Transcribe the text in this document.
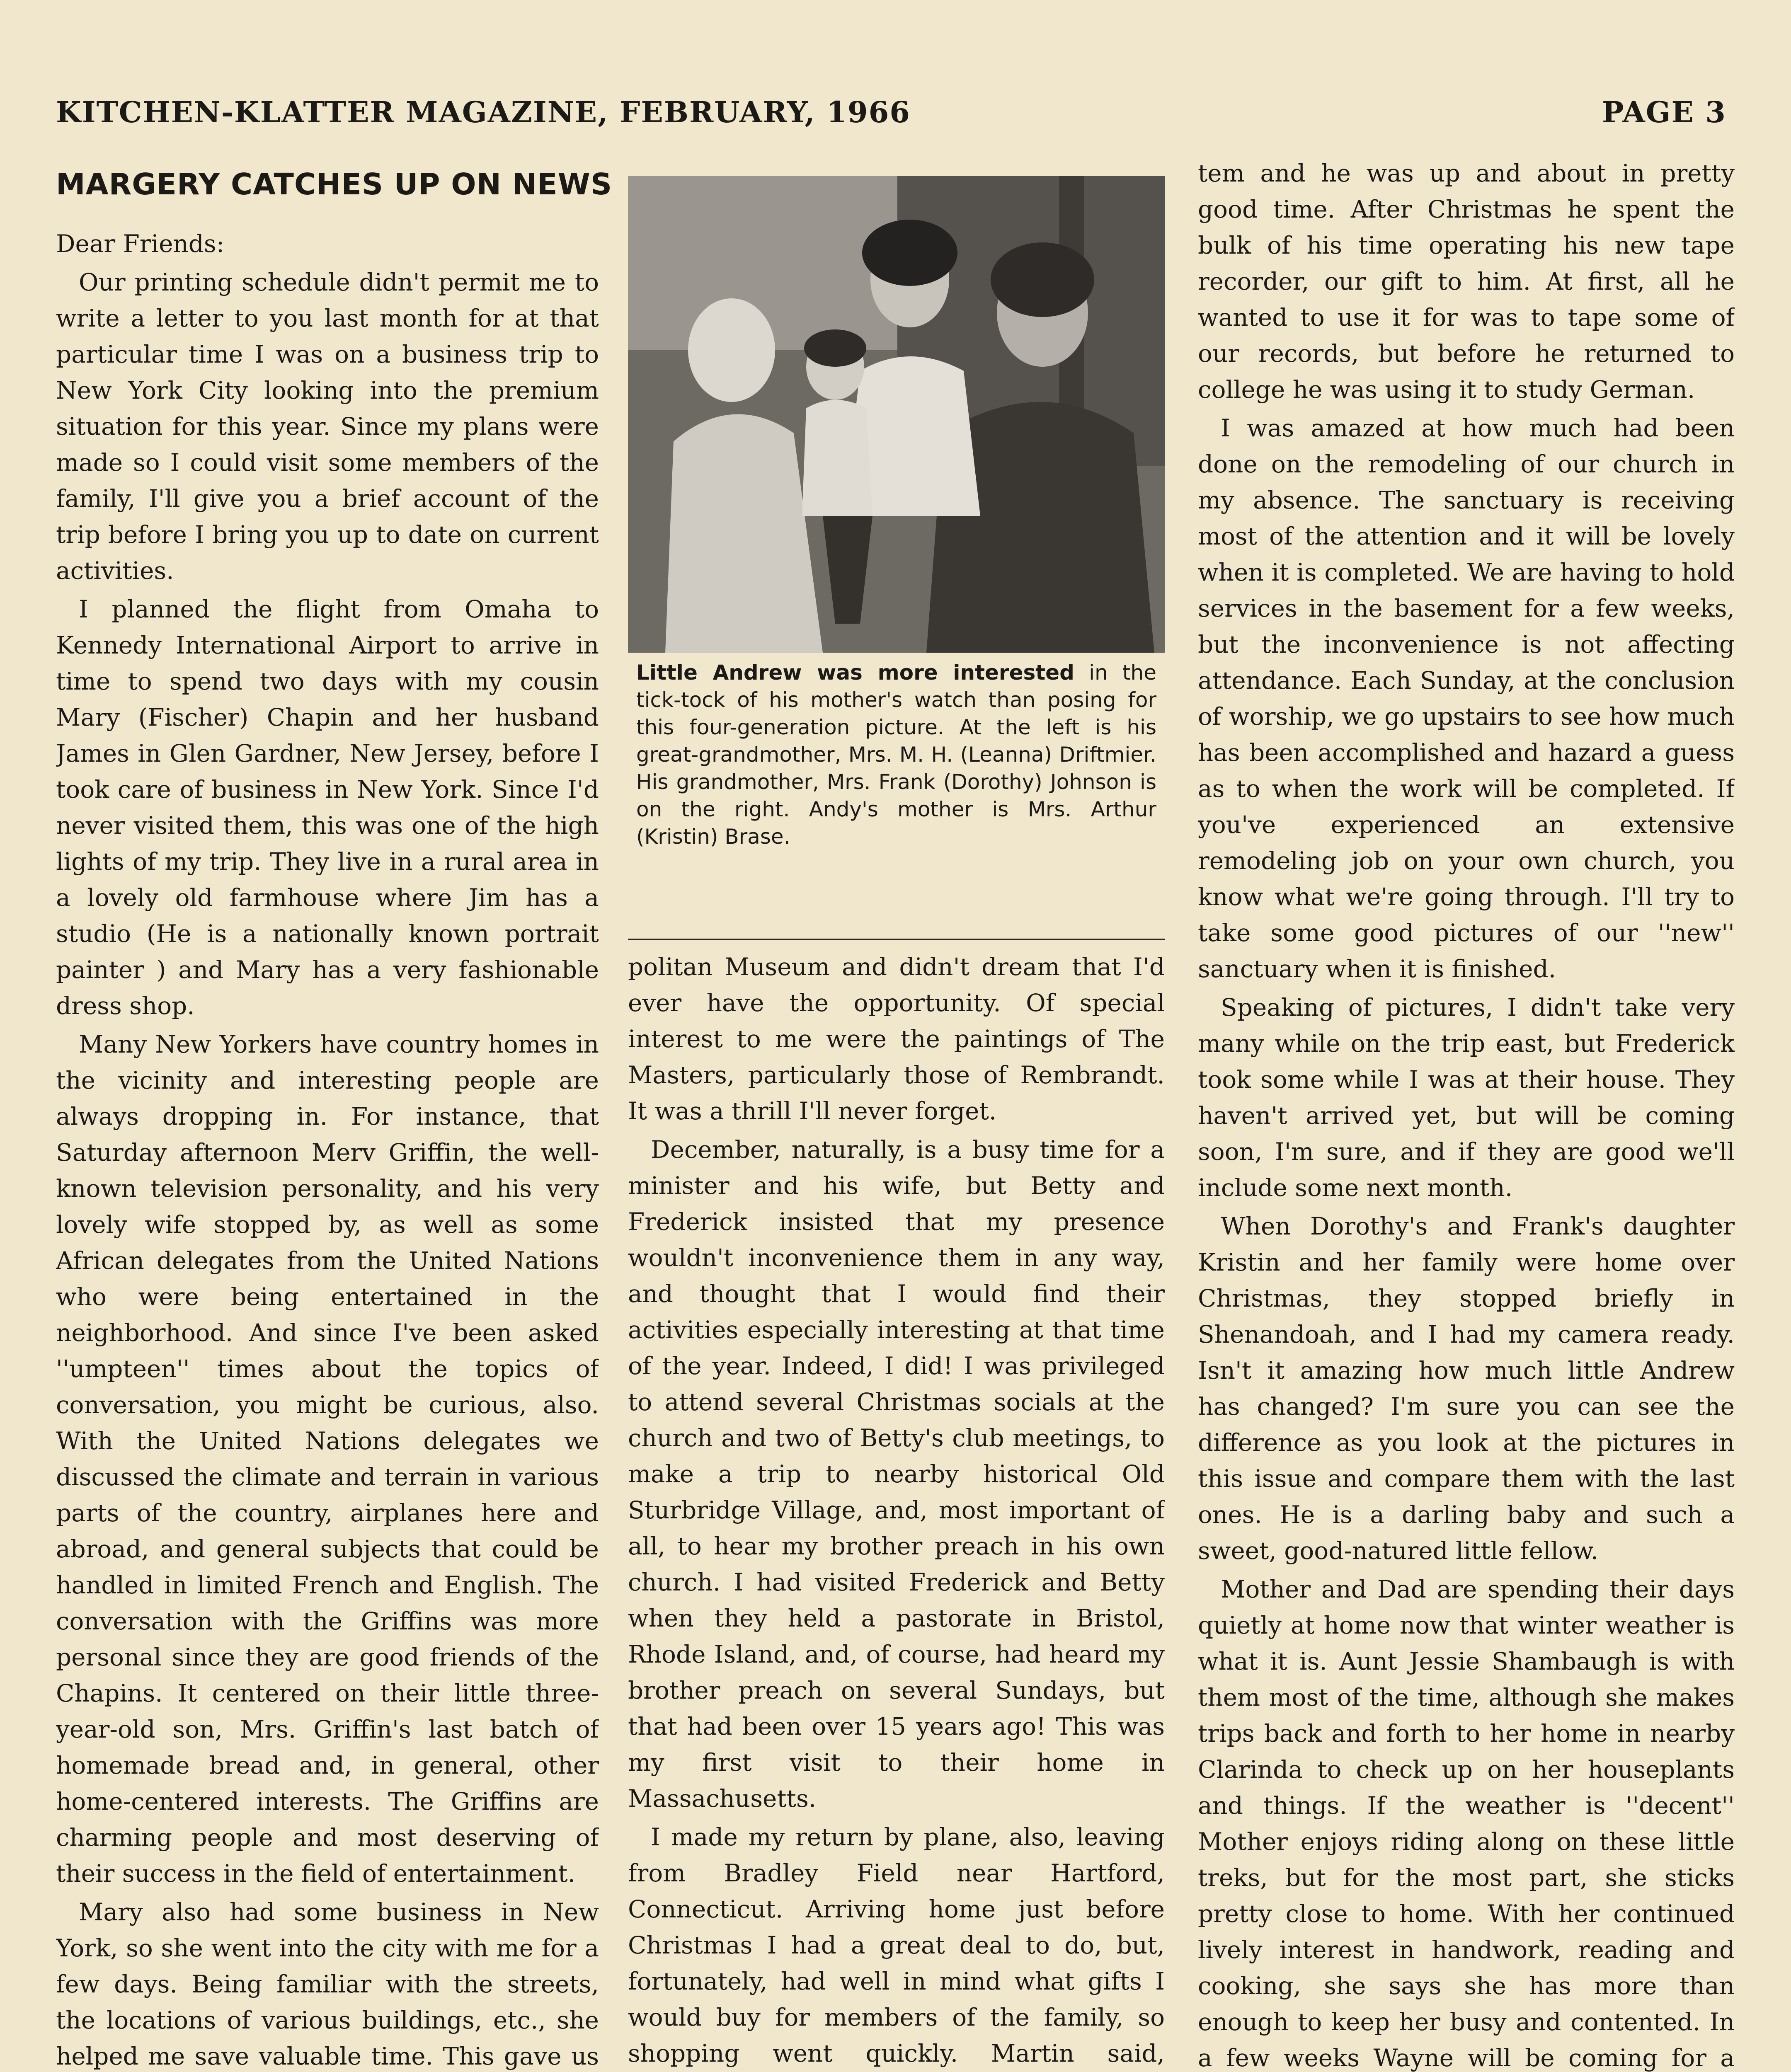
KITCHEN-KLATTER MAGAZINE, FEBRUARY, 1966	PAGE 3
MARGERY CATCHES UP ON NEWS

Dear Friends:

Our printing schedule didn't permit me to write a letter to you last month for at that particular time I was on a business trip to New York City looking into the premium situation for this year. Since my plans were made so I could visit some members of the family, I'll give you a brief account of the trip before I bring you up to date on current activities.

I planned the flight from Omaha to Kennedy International Airport to arrive in time to spend two days with my cousin Mary (Fischer) Chapin and her husband James in Glen Gardner, New Jersey, before I took care of business in New York. Since I'd never visited them, this was one of the high lights of my trip. They live in a rural area in a lovely old farmhouse where Jim has a studio (He is a nationally known portrait painter ) and Mary has a very fashionable dress shop.

Many New Yorkers have country homes in the vicinity and interesting people are always dropping in. For instance, that Saturday afternoon Merv Griffin, the well-known television personality, and his very lovely wife stopped by, as well as some African delegates from the United Nations who were being entertained in the neighborhood. And since I've been asked ''umpteen'' times about the topics of conversation, you might be curious, also. With the United Nations delegates we discussed the climate and terrain in various parts of the country, airplanes here and abroad, and general subjects that could be handled in limited French and English. The conversation with the Griffins was more personal since they are good friends of the Chapins. It centered on their little three-year-old son, Mrs. Griffin's last batch of homemade bread and, in general, other home-centered interests. The Griffins are charming people and most deserving of their success in the field of entertainment.

Mary also had some business in New York, so she went into the city with me for a few days. Being familiar with the streets, the locations of various buildings, etc., she helped me save valuable time. This gave us

Little Andrew was more interested in the tick-tock of his mother's watch than posing for this four-generation picture. At the left is his great-grandmother, Mrs. M. H. (Leanna) Driftmier. His grandmother, Mrs. Frank (Dorothy) Johnson is on the right. Andy's mother is Mrs. Arthur (Kristin) Brase.

politan Museum and didn't dream that I'd ever have the opportunity. Of special interest to me were the paintings of The Masters, particularly those of Rembrandt. It was a thrill I'll never forget.

December, naturally, is a busy time for a minister and his wife, but Betty and Frederick insisted that my presence wouldn't inconvenience them in any way, and thought that I would find their activities especially interesting at that time of the year. Indeed, I did! I was privileged to attend several Christmas socials at the church and two of Betty's club meetings, to make a trip to nearby historical Old Sturbridge Village, and, most important of all, to hear my brother preach in his own church. I had visited Frederick and Betty when they held a pastorate in Bristol, Rhode Island, and, of course, had heard my brother preach on several Sundays, but that had been over 15 years ago! This was my first visit to their home in Massachusetts.

I made my return by plane, also, leaving from Bradley Field near Hartford, Connecticut. Arriving home just before Christmas I had a great deal to do, but, fortunately, had well in mind what gifts I would buy for members of the family, so shopping went quickly. Martin said,

tem and he was up and about in pretty good time. After Christmas he spent the bulk of his time operating his new tape recorder, our gift to him. At first, all he wanted to use it for was to tape some of our records, but before he returned to college he was using it to study German.

I was amazed at how much had been done on the remodeling of our church in my absence. The sanctuary is receiving most of the attention and it will be lovely when it is completed. We are having to hold services in the basement for a few weeks, but the inconvenience is not affecting attendance. Each Sunday, at the conclusion of worship, we go upstairs to see how much has been accomplished and hazard a guess as to when the work will be completed. If you've experienced an extensive remodeling job on your own church, you know what we're going through. I'll try to take some good pictures of our ''new'' sanctuary when it is finished.

Speaking of pictures, I didn't take very many while on the trip east, but Frederick took some while I was at their house. They haven't arrived yet, but will be coming soon, I'm sure, and if they are good we'll include some next month.

When Dorothy's and Frank's daughter Kristin and her family were home over Christmas, they stopped briefly in Shenandoah, and I had my camera ready. Isn't it amazing how much little Andrew has changed? I'm sure you can see the difference as you look at the pictures in this issue and compare them with the last ones. He is a darling baby and such a sweet, good-natured little fellow.

Mother and Dad are spending their days quietly at home now that winter weather is what it is. Aunt Jessie Shambaugh is with them most of the time, although she makes trips back and forth to her home in nearby Clarinda to check up on her houseplants and things. If the weather is ''decent'' Mother enjoys riding along on these little treks, but for the most part, she sticks pretty close to home. With her continued lively interest in handwork, reading and cooking, she says she has more than enough to keep her busy and contented. In a few weeks Wayne will be coming for a
